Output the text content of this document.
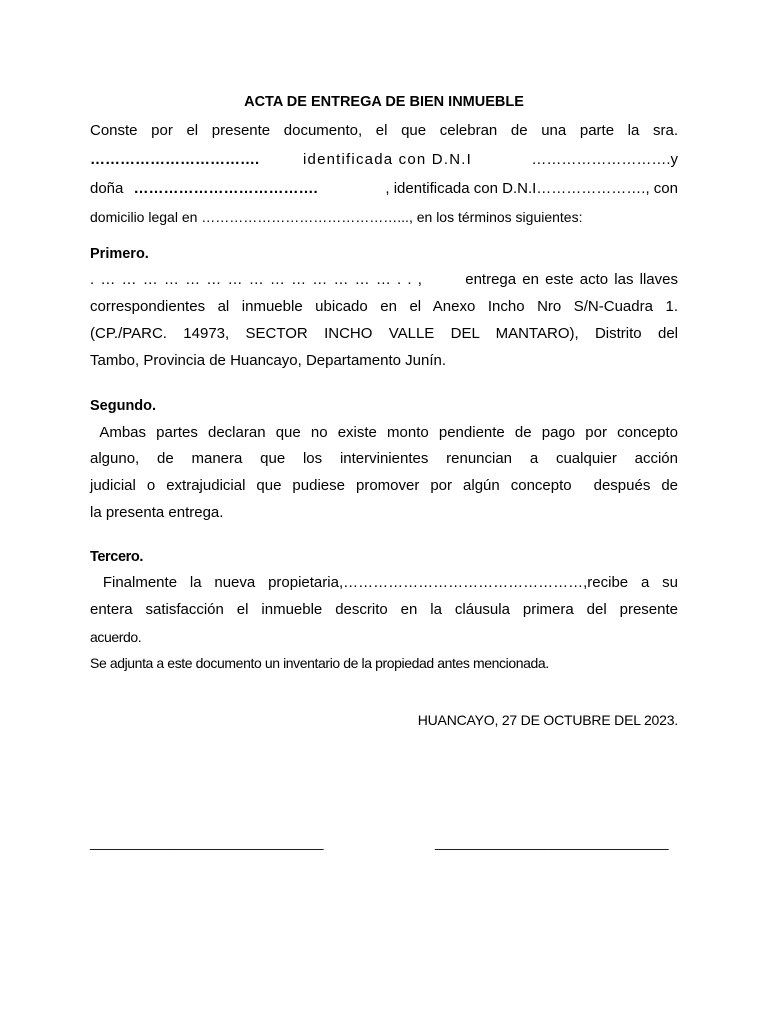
ACTA DE ENTREGA DE BIEN INMUEBLE
Conste por el presente documento, el que celebran de una parte la sra.
…………………………….	identificada con D.N.I	……………………….y
doña ……………………………….	, identificada con D.N.I…………………., con
domicilio legal en ……………………………………..., en los términos siguientes:
Primero.
. … … … … … … … … … … … … … … . . ,       entrega en este acto las llaves
correspondientes al inmueble ubicado en el Anexo Incho Nro S/N-Cuadra 1.
(CP./PARC. 14973, SECTOR INCHO VALLE DEL MANTARO), Distrito del
Tambo, Provincia de Huancayo, Departamento Junín.
Segundo.
Ambas partes declaran que no existe monto pendiente de pago por concepto
alguno, de manera que los intervinientes renuncian a cualquier acción
judicial o extrajudicial que pudiese promover por algún concepto  después de
la presenta entrega.
Tercero.
Finalmente la nueva propietaria,…………………………………………,recibe a su
entera satisfacción el inmueble descrito en la cláusula primera del presente
acuerdo.
Se adjunta a este documento un inventario de la propiedad antes mencionada.
HUANCAYO, 27 DE OCTUBRE DEL 2023.
______________________________	______________________________
